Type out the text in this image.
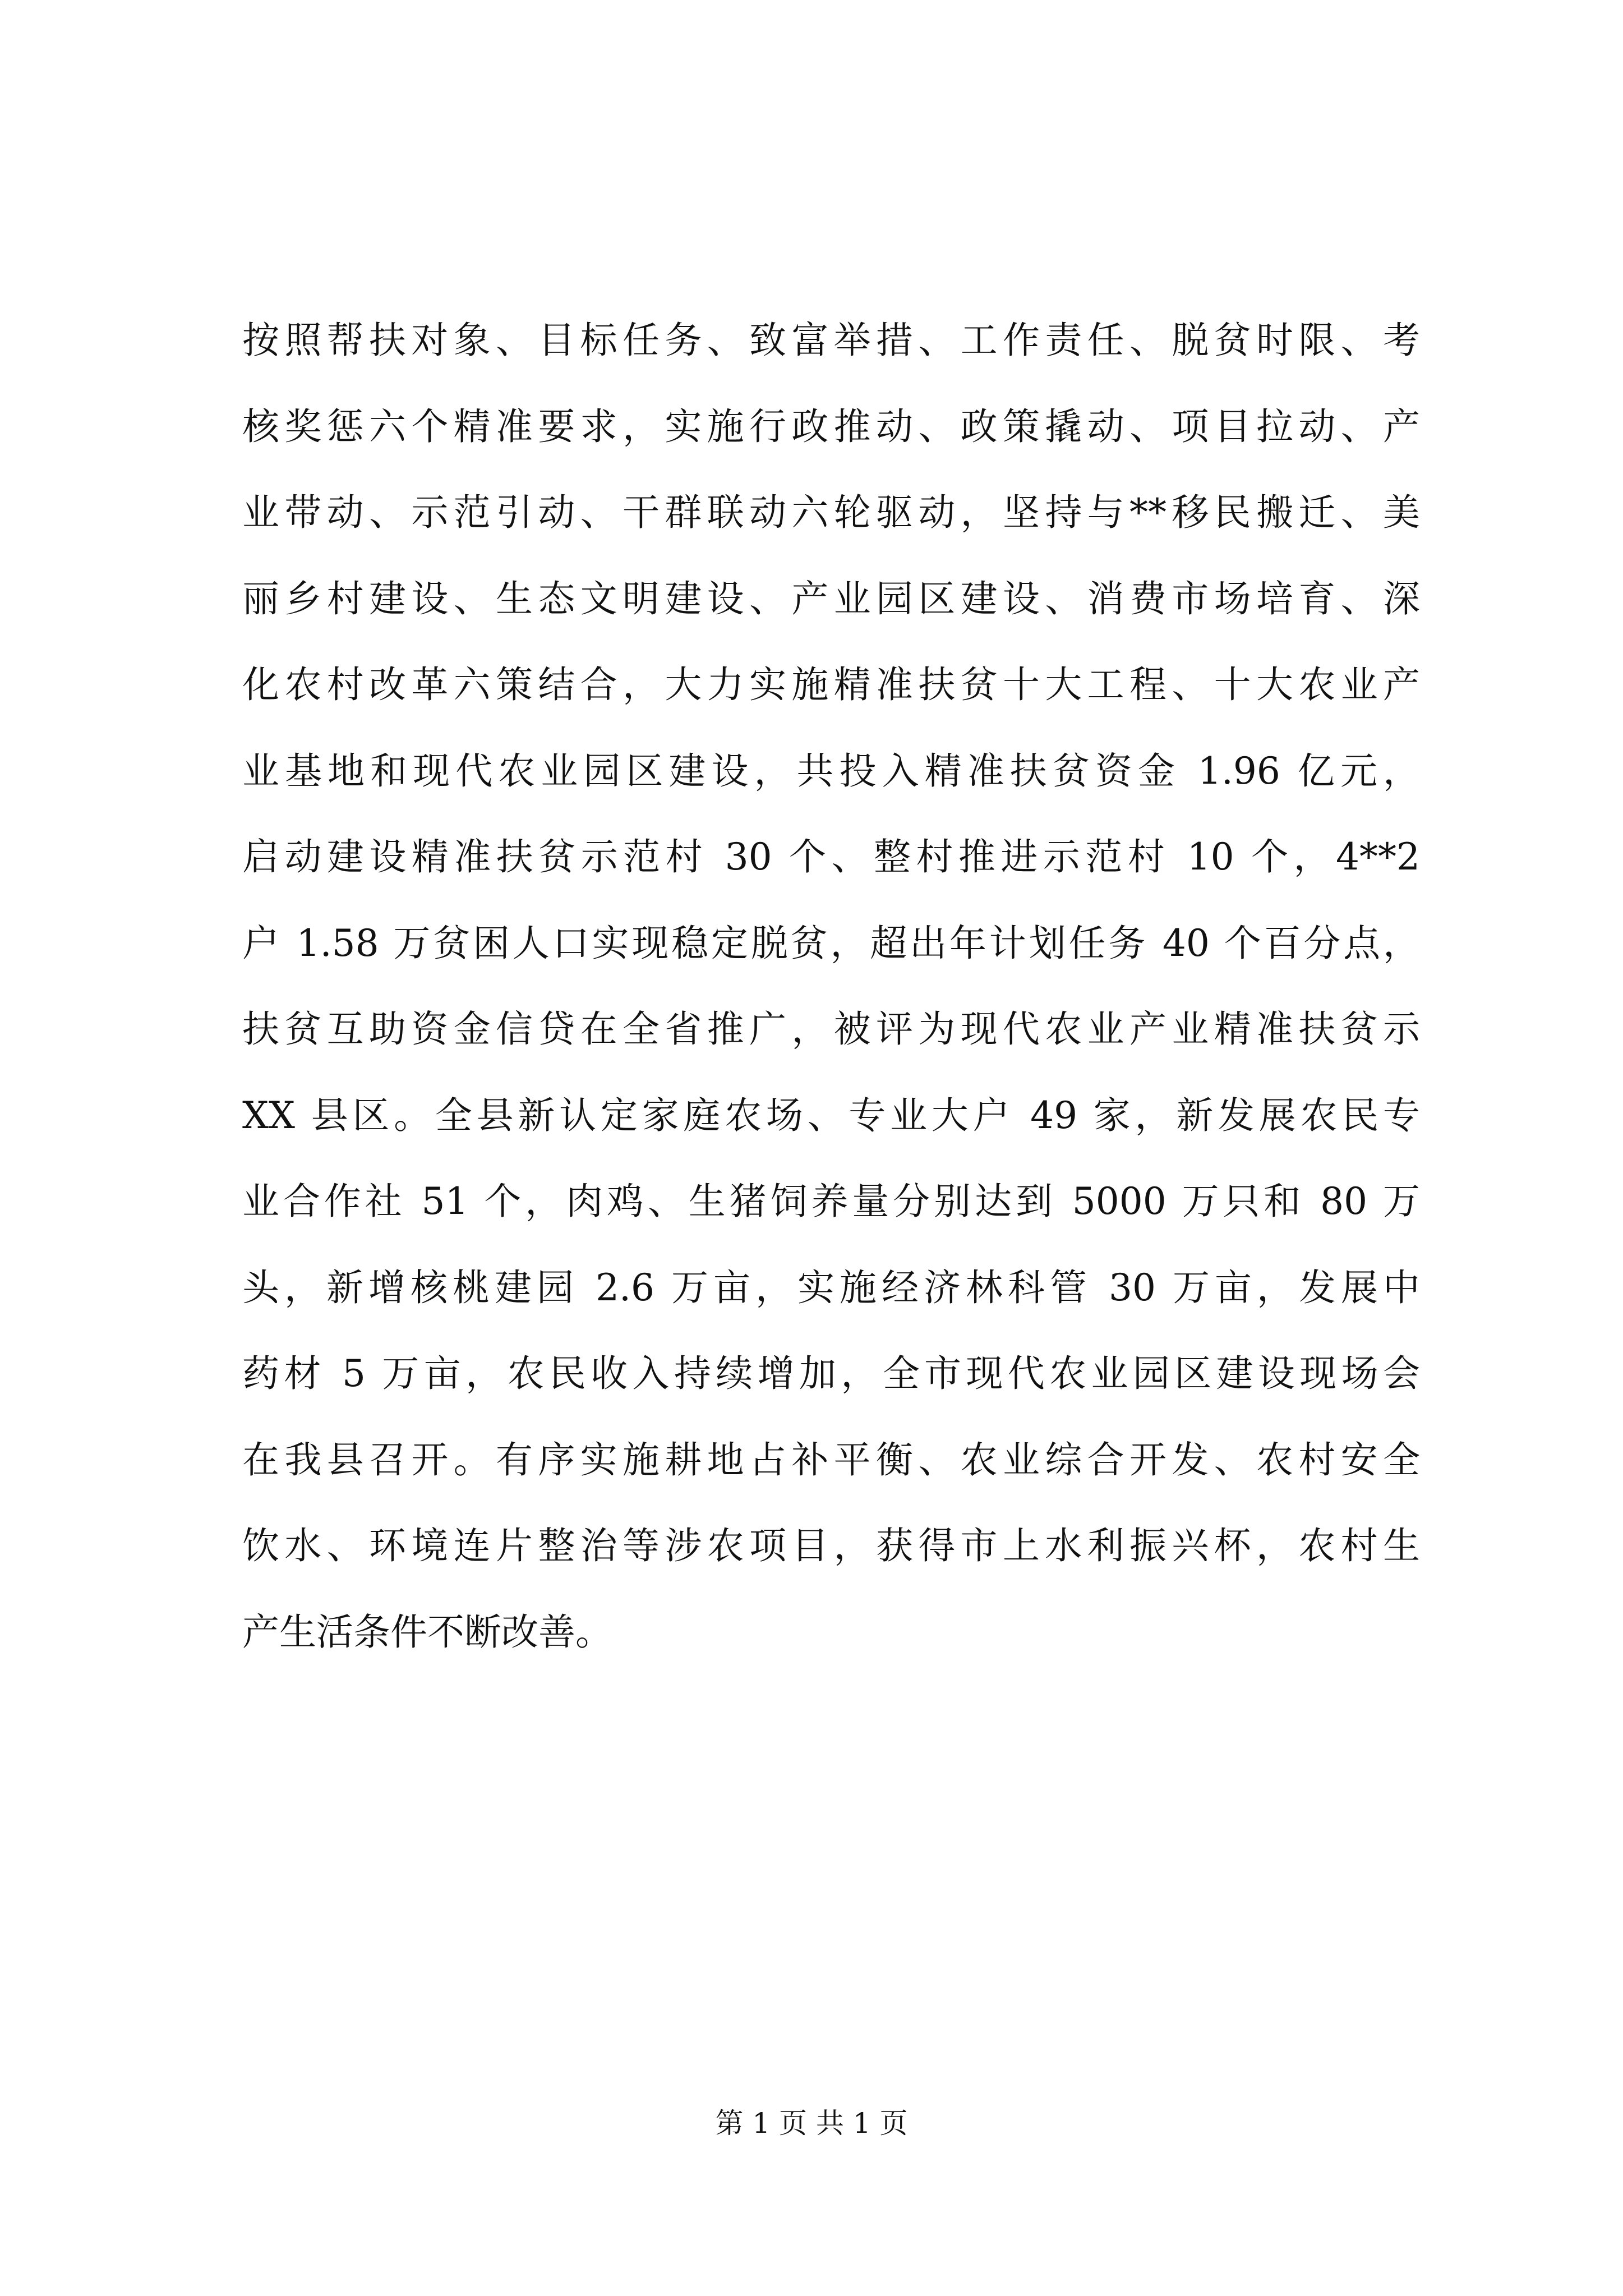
按照帮扶对象、目标任务、致富举措、工作责任、脱贫时限、考
核奖惩六个精准要求，实施行政推动、政策撬动、项目拉动、产
业带动、示范引动、干群联动六轮驱动，坚持与**移民搬迁、美
丽乡村建设、生态文明建设、产业园区建设、消费市场培育、深
化农村改革六策结合，大力实施精准扶贫十大工程、十大农业产
业基地和现代农业园区建设，共投入精准扶贫资金 1.96 亿元，
启动建设精准扶贫示范村 30 个、整村推进示范村 10 个，4**2
户 1.58 万贫困人口实现稳定脱贫，超出年计划任务 40 个百分点，
扶贫互助资金信贷在全省推广，被评为现代农业产业精准扶贫示
XX 县区。全县新认定家庭农场、专业大户 49 家，新发展农民专
业合作社 51 个，肉鸡、生猪饲养量分别达到 5000 万只和 80 万
头，新增核桃建园 2.6 万亩，实施经济林科管 30 万亩，发展中
药材 5 万亩，农民收入持续增加，全市现代农业园区建设现场会
在我县召开。有序实施耕地占补平衡、农业综合开发、农村安全
饮水、环境连片整治等涉农项目，获得市上水利振兴杯，农村生
产生活条件不断改善。
第 1 页 共 1 页
